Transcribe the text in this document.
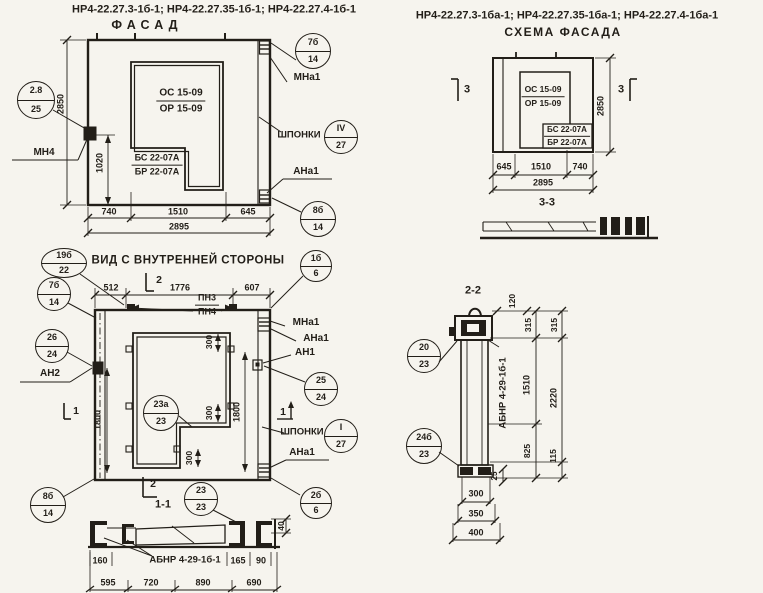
НР4-22.27.3-1б-1; НР4-22.27.35-1б-1; НР4-22.27.4-1б-1	НР4-22.27.3-1ба-1; НР4-22.27.35-1ба-1; НР4-22.27.4-1ба-1
ФАСАД
ОС 15-09
ОР 15-09
БС 22-07А
БР 22-07А
МН4
2850
1020
740	1510	645
2895
МНа1
ШПОНКИ
АНа1
2.8
25
7б
14
IV
27
8б
14
СХЕМА ФАСАДА
ОС 15-09
ОР 15-09
БС 22-07А
БР 22-07А
3	3
2850
645 1510 740
2895
3-3
ВИД С ВНУТРЕННЕЙ СТОРОНЫ
19б
22
512	1776	607
2
ПН3
ПН4
7б
14
26
24
АН2
1
8б
14
1б
6
МНа1
АНа1
АН1
25
24
1
ШПОНКИ	I
27
АНа1
2б
6
23а
23
300
300
300
1800	1800
2
1-1
23
23
АБНР 4-29-1б-1
160	165 90
40
595	720	890	690
2-2
20
23
24б
23
АБНР 4-29-1б-1
120
315 315
1510
2220
825 115
25
300
350
400
